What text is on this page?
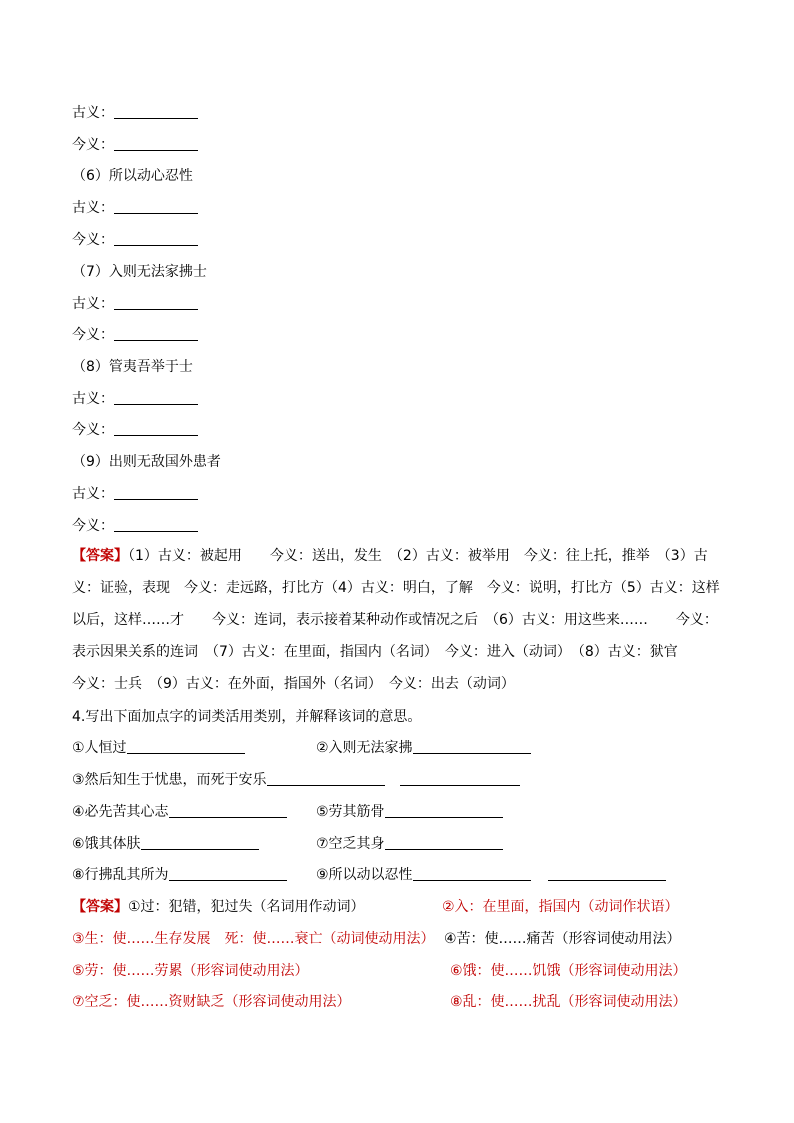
古义：
今义：
（6）所以动心忍性
古义：
今义：
（7）入则无法家拂士
古义：
今义：
（8）管夷吾举于士
古义：
今义：
（9）出则无敌国外患者
古义：
今义：
【答案】（1）古义：被起用　　今义：送出，发生　（2）古义：被举用　今义：往上托，推举　（3）古
义：证验，表现　今义：走远路，打比方（4）古义：明白，了解　今义：说明，打比方（5）古义：这样
以后，这样……才　　今义：连词，表示接着某种动作或情况之后　（6）古义：用这些来……　　今义：
表示因果关系的连词　（7）古义：在里面，指国内（名词）　今义：进入（动词）　（8）古义：狱官
今义：士兵　（9）古义：在外面，指国外（名词）　今义：出去（动词）
4.写出下面加点字的词类活用类别，并解释该词的意思。
①人恒过	②入则无法家拂
③然后知生于忧患，而死于安乐
④必先苦其心志	⑤劳其筋骨
⑥饿其体肤	⑦空乏其身
⑧行拂乱其所为	⑨所以动以忍性
【答案】①过：犯错，犯过失（名词用作动词）	②入：在里面，指国内（动词作状语）
③生：使……生存发展　死：使……衰亡（动词使动用法） ④苦：使……痛苦（形容词使动用法）
⑤劳：使……劳累（形容词使动用法）	⑥饿：使……饥饿（形容词使动用法）
⑦空乏：使……资财缺乏（形容词使动用法）	⑧乱：使……扰乱（形容词使动用法）
